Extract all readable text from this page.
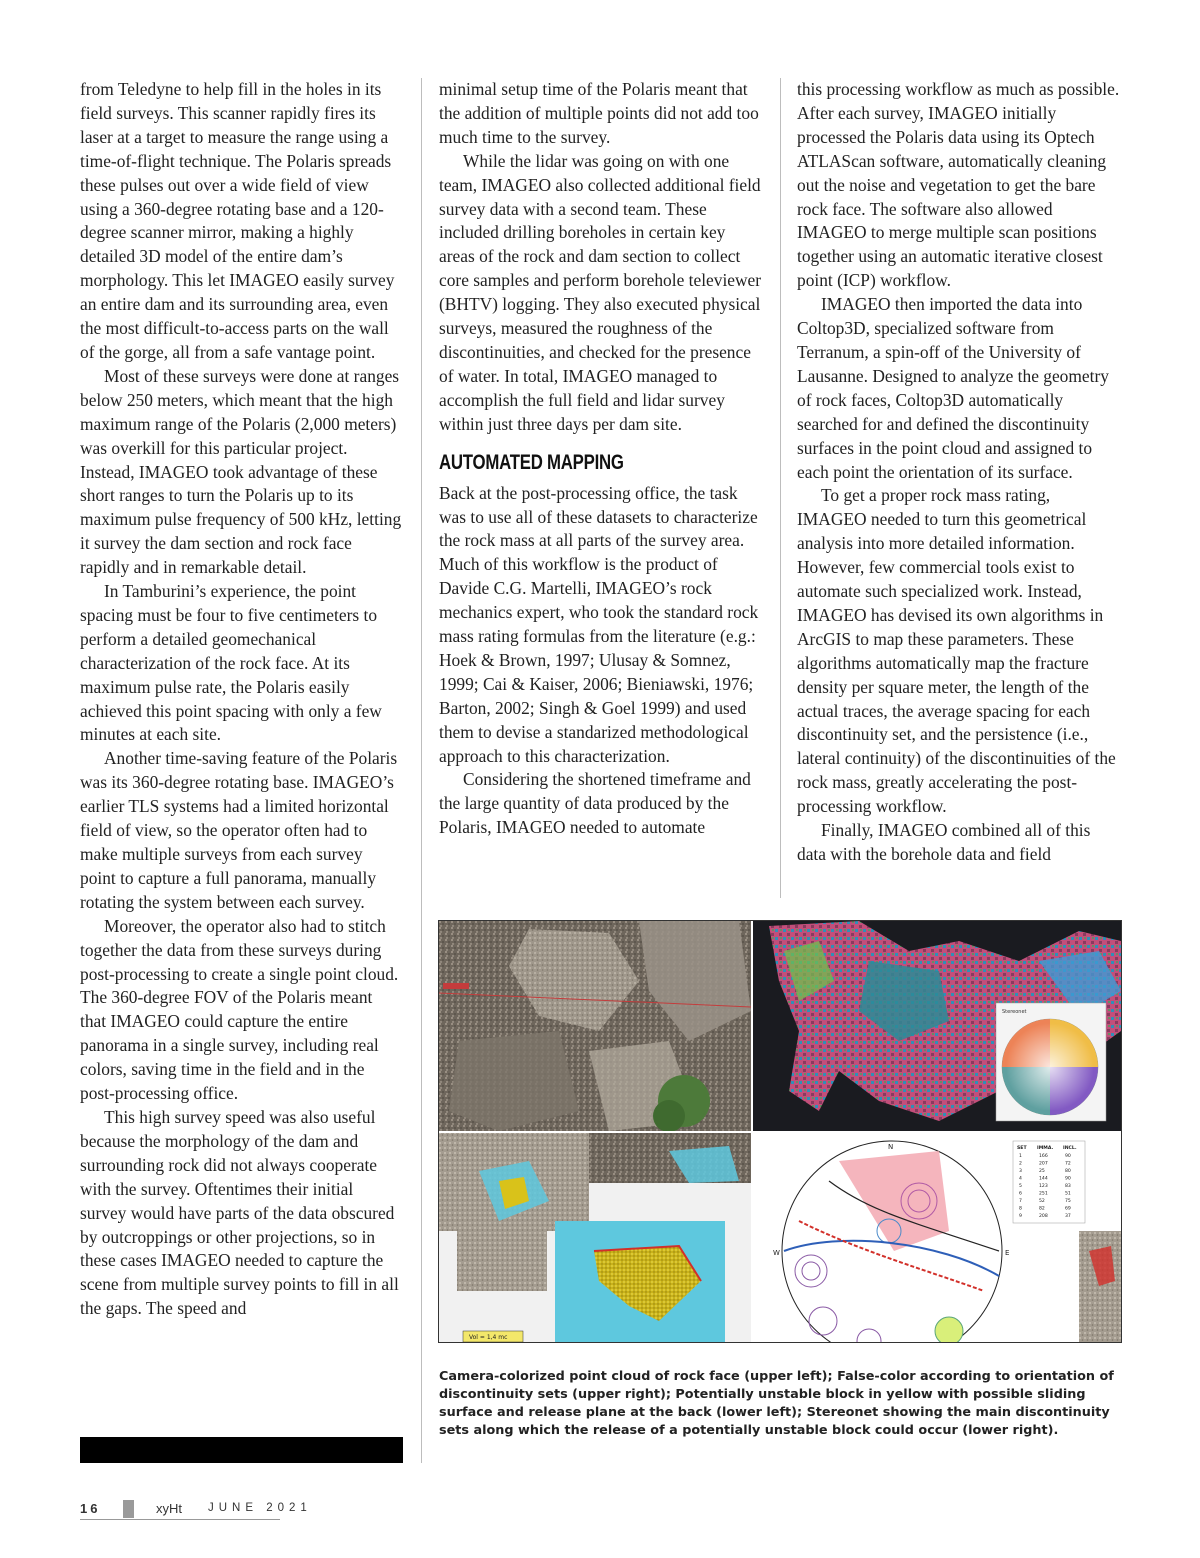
from Teledyne to help fill in the holes in its field surveys. This scanner rapidly fires its laser at a target to measure the range using a time-of-flight technique. The Polaris spreads these pulses out over a wide field of view using a 360-degree rotating base and a 120-degree scanner mirror, making a highly detailed 3D model of the entire dam’s morphology. This let IMAGEO easily survey an entire dam and its surrounding area, even the most difficult-to-access parts on the wall of the gorge, all from a safe vantage point.

Most of these surveys were done at ranges below 250 meters, which meant that the high maximum range of the Polaris (2,000 meters) was overkill for this particular project. Instead, IMAGEO took advantage of these short ranges to turn the Polaris up to its maximum pulse frequency of 500 kHz, letting it survey the dam section and rock face rapidly and in remarkable detail.

In Tamburini’s experience, the point spacing must be four to five centimeters to perform a detailed geomechanical characterization of the rock face. At its maximum pulse rate, the Polaris easily achieved this point spacing with only a few minutes at each site.

Another time-saving feature of the Polaris was its 360-degree rotating base. IMAGEO’s earlier TLS systems had a limited horizontal field of view, so the operator often had to make multiple surveys from each survey point to capture a full panorama, manually rotating the system between each survey.

Moreover, the operator also had to stitch together the data from these surveys during post-processing to create a single point cloud. The 360-degree FOV of the Polaris meant that IMAGEO could capture the entire panorama in a single survey, including real colors, saving time in the field and in the post-processing office.

This high survey speed was also useful because the morphology of the dam and surrounding rock did not always cooperate with the survey. Oftentimes their initial survey would have parts of the data obscured by outcroppings or other projections, so in these cases IMAGEO needed to capture the scene from multiple survey points to fill in all the gaps. The speed and

minimal setup time of the Polaris meant that the addition of multiple points did not add too much time to the survey.

While the lidar was going on with one team, IMAGEO also collected additional field survey data with a second team. These included drilling boreholes in certain key areas of the rock and dam section to collect core samples and perform borehole televiewer (BHTV) logging. They also executed physical surveys, measured the roughness of the discontinuities, and checked for the presence of water. In total, IMAGEO managed to accomplish the full field and lidar survey within just three days per dam site.

AUTOMATED MAPPING

Back at the post-processing office, the task was to use all of these datasets to characterize the rock mass at all parts of the survey area. Much of this workflow is the product of Davide C.G. Martelli, IMAGEO’s rock mechanics expert, who took the standard rock mass rating formulas from the literature (e.g.: Hoek & Brown, 1997; Ulusay & Somnez, 1999; Cai & Kaiser, 2006; Bieniawski, 1976; Barton, 2002; Singh & Goel 1999) and used them to devise a standarized methodological approach to this characterization.

Considering the shortened timeframe and the large quantity of data produced by the Polaris, IMAGEO needed to automate

this processing workflow as much as possible. After each survey, IMAGEO initially processed the Polaris data using its Optech ATLAScan software, automatically cleaning out the noise and vegetation to get the bare rock face. The software also allowed IMAGEO to merge multiple scan positions together using an automatic iterative closest point (ICP) workflow.

IMAGEO then imported the data into Coltop3D, specialized software from Terranum, a spin-off of the University of Lausanne. Designed to analyze the geometry of rock faces, Coltop3D automatically searched for and defined the discontinuity surfaces in the point cloud and assigned to each point the orientation of its surface.

To get a proper rock mass rating, IMAGEO needed to turn this geometrical analysis into more detailed information. However, few commercial tools exist to automate such specialized work. Instead, IMAGEO has devised its own algorithms in ArcGIS to map these parameters. These algorithms automatically map the fracture density per square meter, the length of the actual traces, the average spacing for each discontinuity set, and the persistence (i.e., lateral continuity) of the discontinuities of the rock mass, greatly accelerating the post-processing workflow.

Finally, IMAGEO combined all of this data with the borehole data and field

Stereonet
Vol = 1,4 mc
N
E
W
SET IMMA. INCL.
1	166	90
2	207	72
3	25	80
4	144	90
5	123	83
6	251	51
7	52	75
8	82	69
9	208	37
Camera-colorized point cloud of rock face (upper left); False-color according to orientation of discontinuity sets (upper right); Potentially unstable block in yellow with possible sliding surface and release plane at the back (lower left); Stereonet showing the main discontinuity sets along which the release of a potentially unstable block could occur (lower right).
16	xyHt JUNE 2021
